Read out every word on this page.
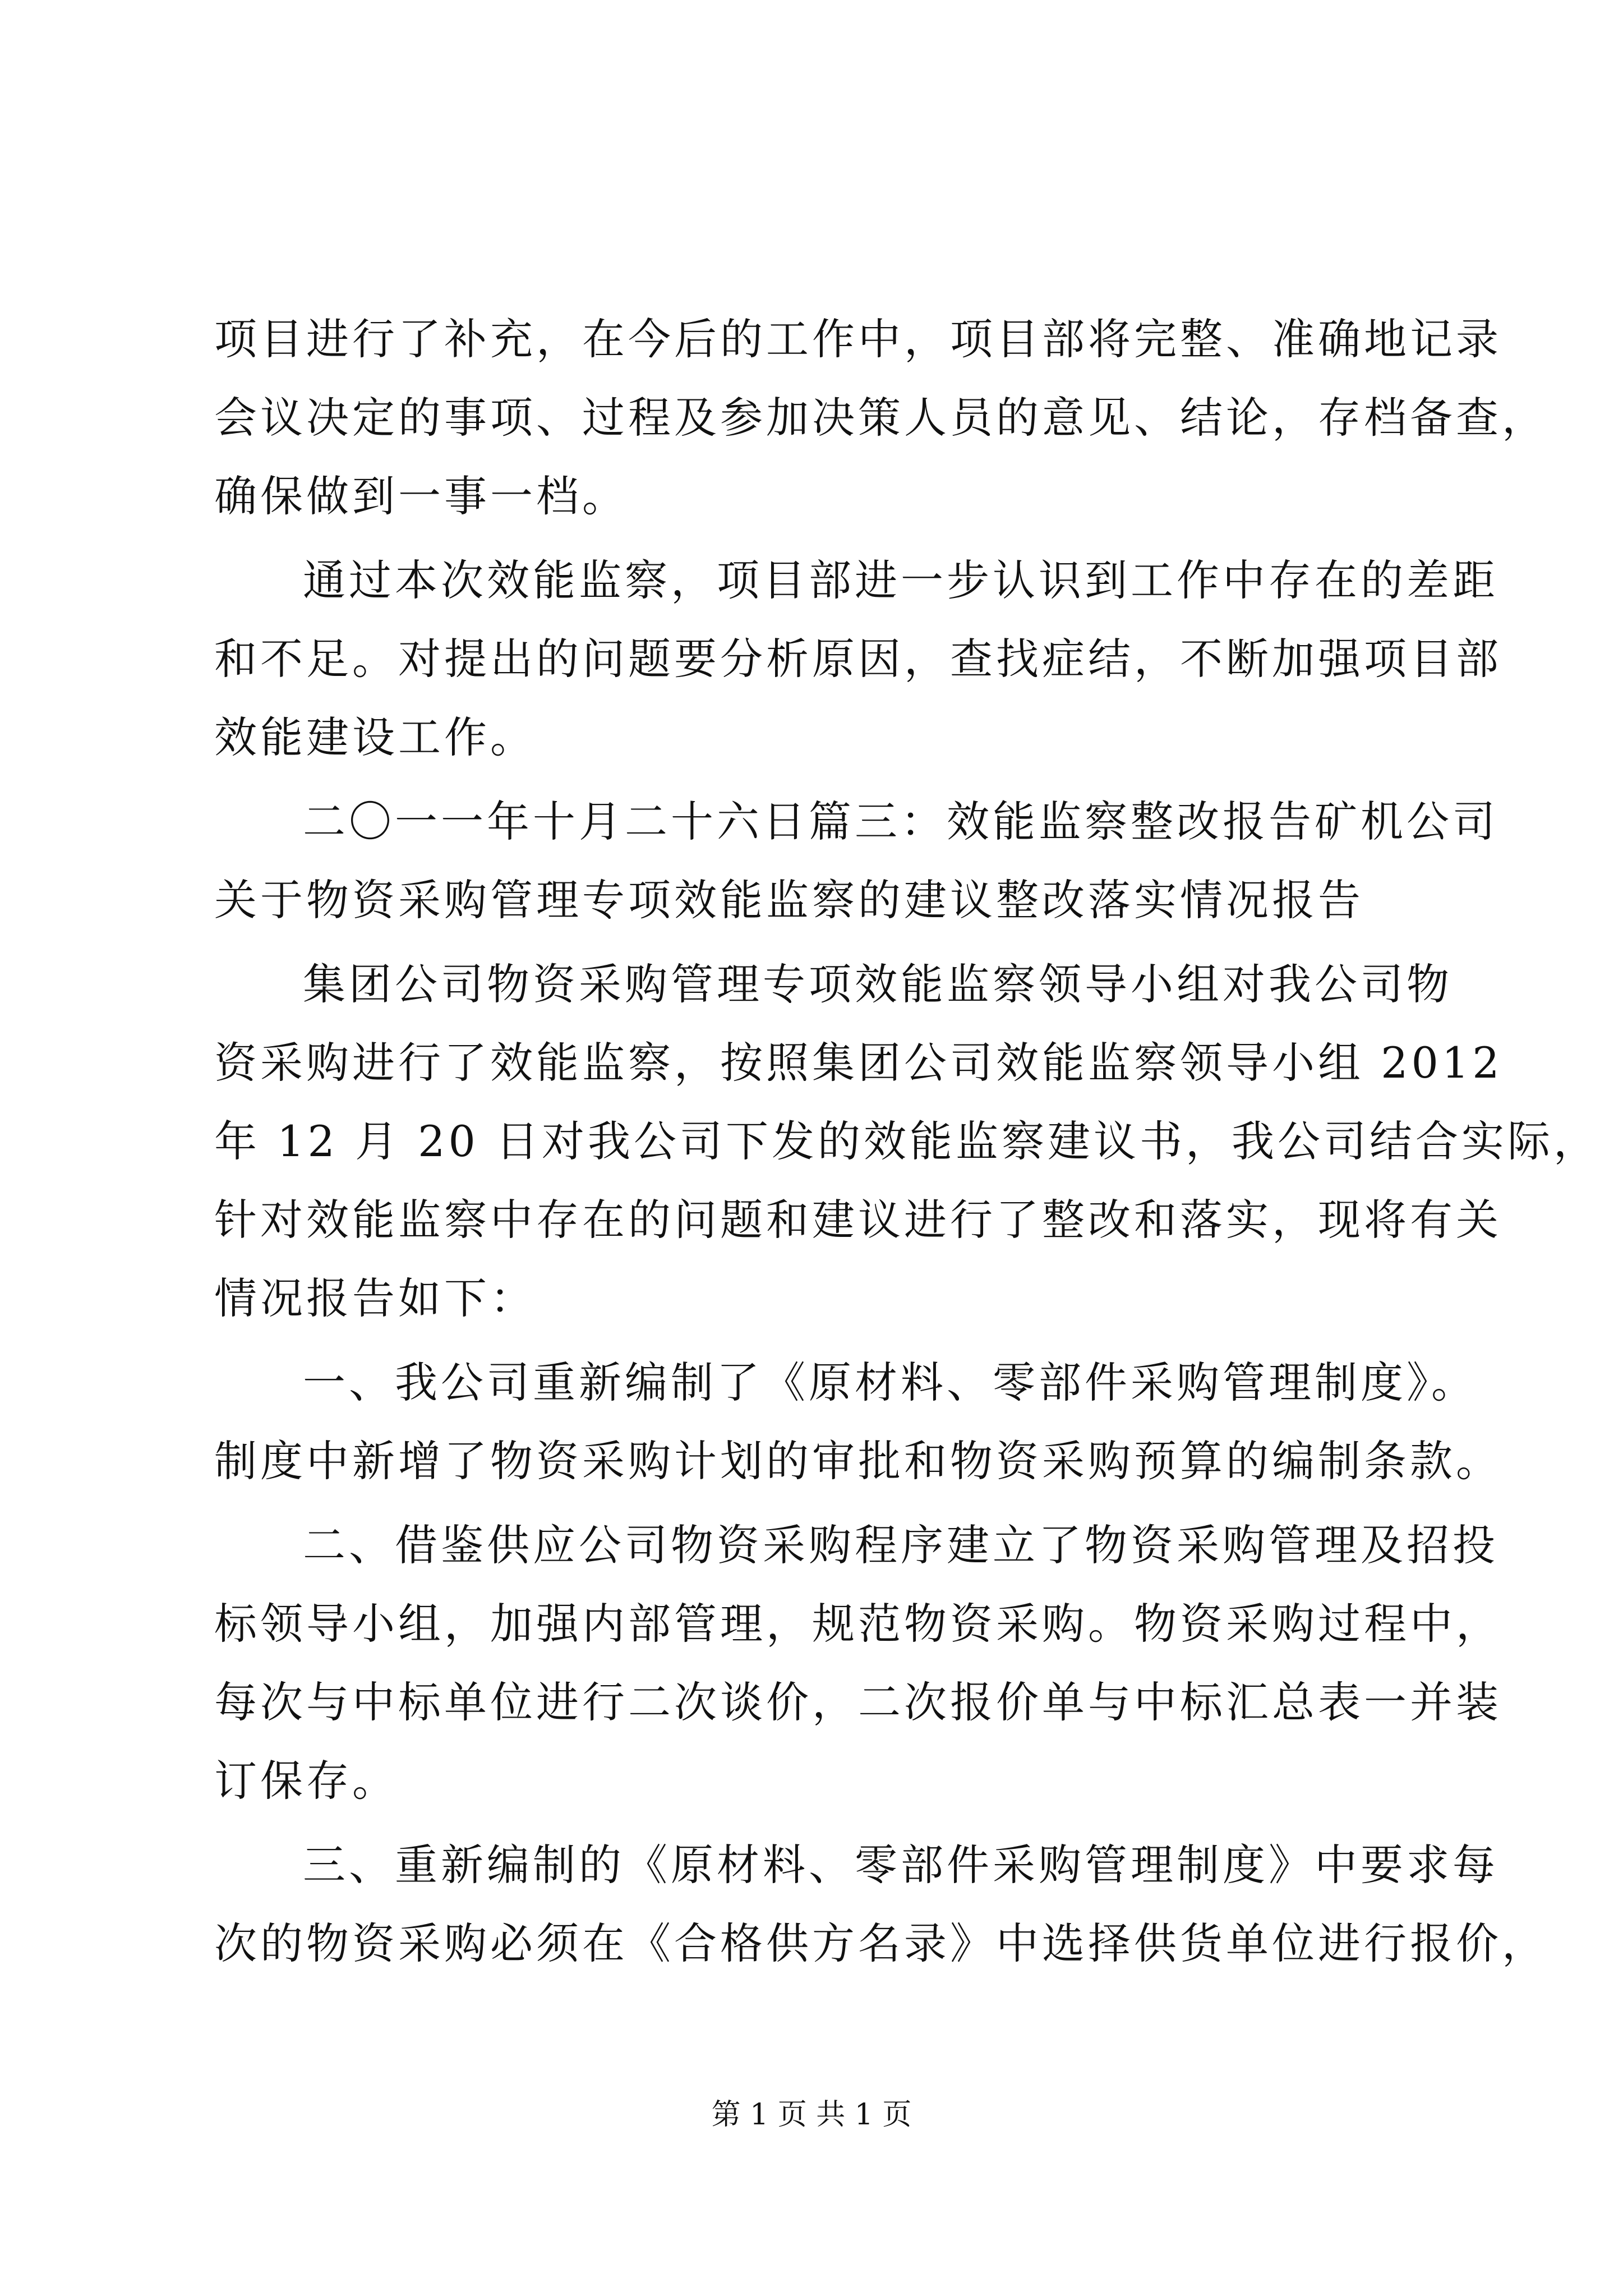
项目进行了补充，在今后的工作中，项目部将完整、准确地记录
会议决定的事项、过程及参加决策人员的意见、结论，存档备查，
确保做到一事一档。
通过本次效能监察，项目部进一步认识到工作中存在的差距
和不足。对提出的问题要分析原因，查找症结，不断加强项目部
效能建设工作。
二〇一一年十月二十六日篇三：效能监察整改报告矿机公司
关于物资采购管理专项效能监察的建议整改落实情况报告
集团公司物资采购管理专项效能监察领导小组对我公司物
资采购进行了效能监察，按照集团公司效能监察领导小组 2012
年 12 月 20 日对我公司下发的效能监察建议书，我公司结合实际，
针对效能监察中存在的问题和建议进行了整改和落实，现将有关
情况报告如下：
一、我公司重新编制了《原材料、零部件采购管理制度》。
制度中新增了物资采购计划的审批和物资采购预算的编制条款。
二、借鉴供应公司物资采购程序建立了物资采购管理及招投
标领导小组，加强内部管理，规范物资采购。物资采购过程中，
每次与中标单位进行二次谈价，二次报价单与中标汇总表一并装
订保存。
三、重新编制的《原材料、零部件采购管理制度》中要求每
次的物资采购必须在《合格供方名录》中选择供货单位进行报价，
第 1 页 共 1 页
